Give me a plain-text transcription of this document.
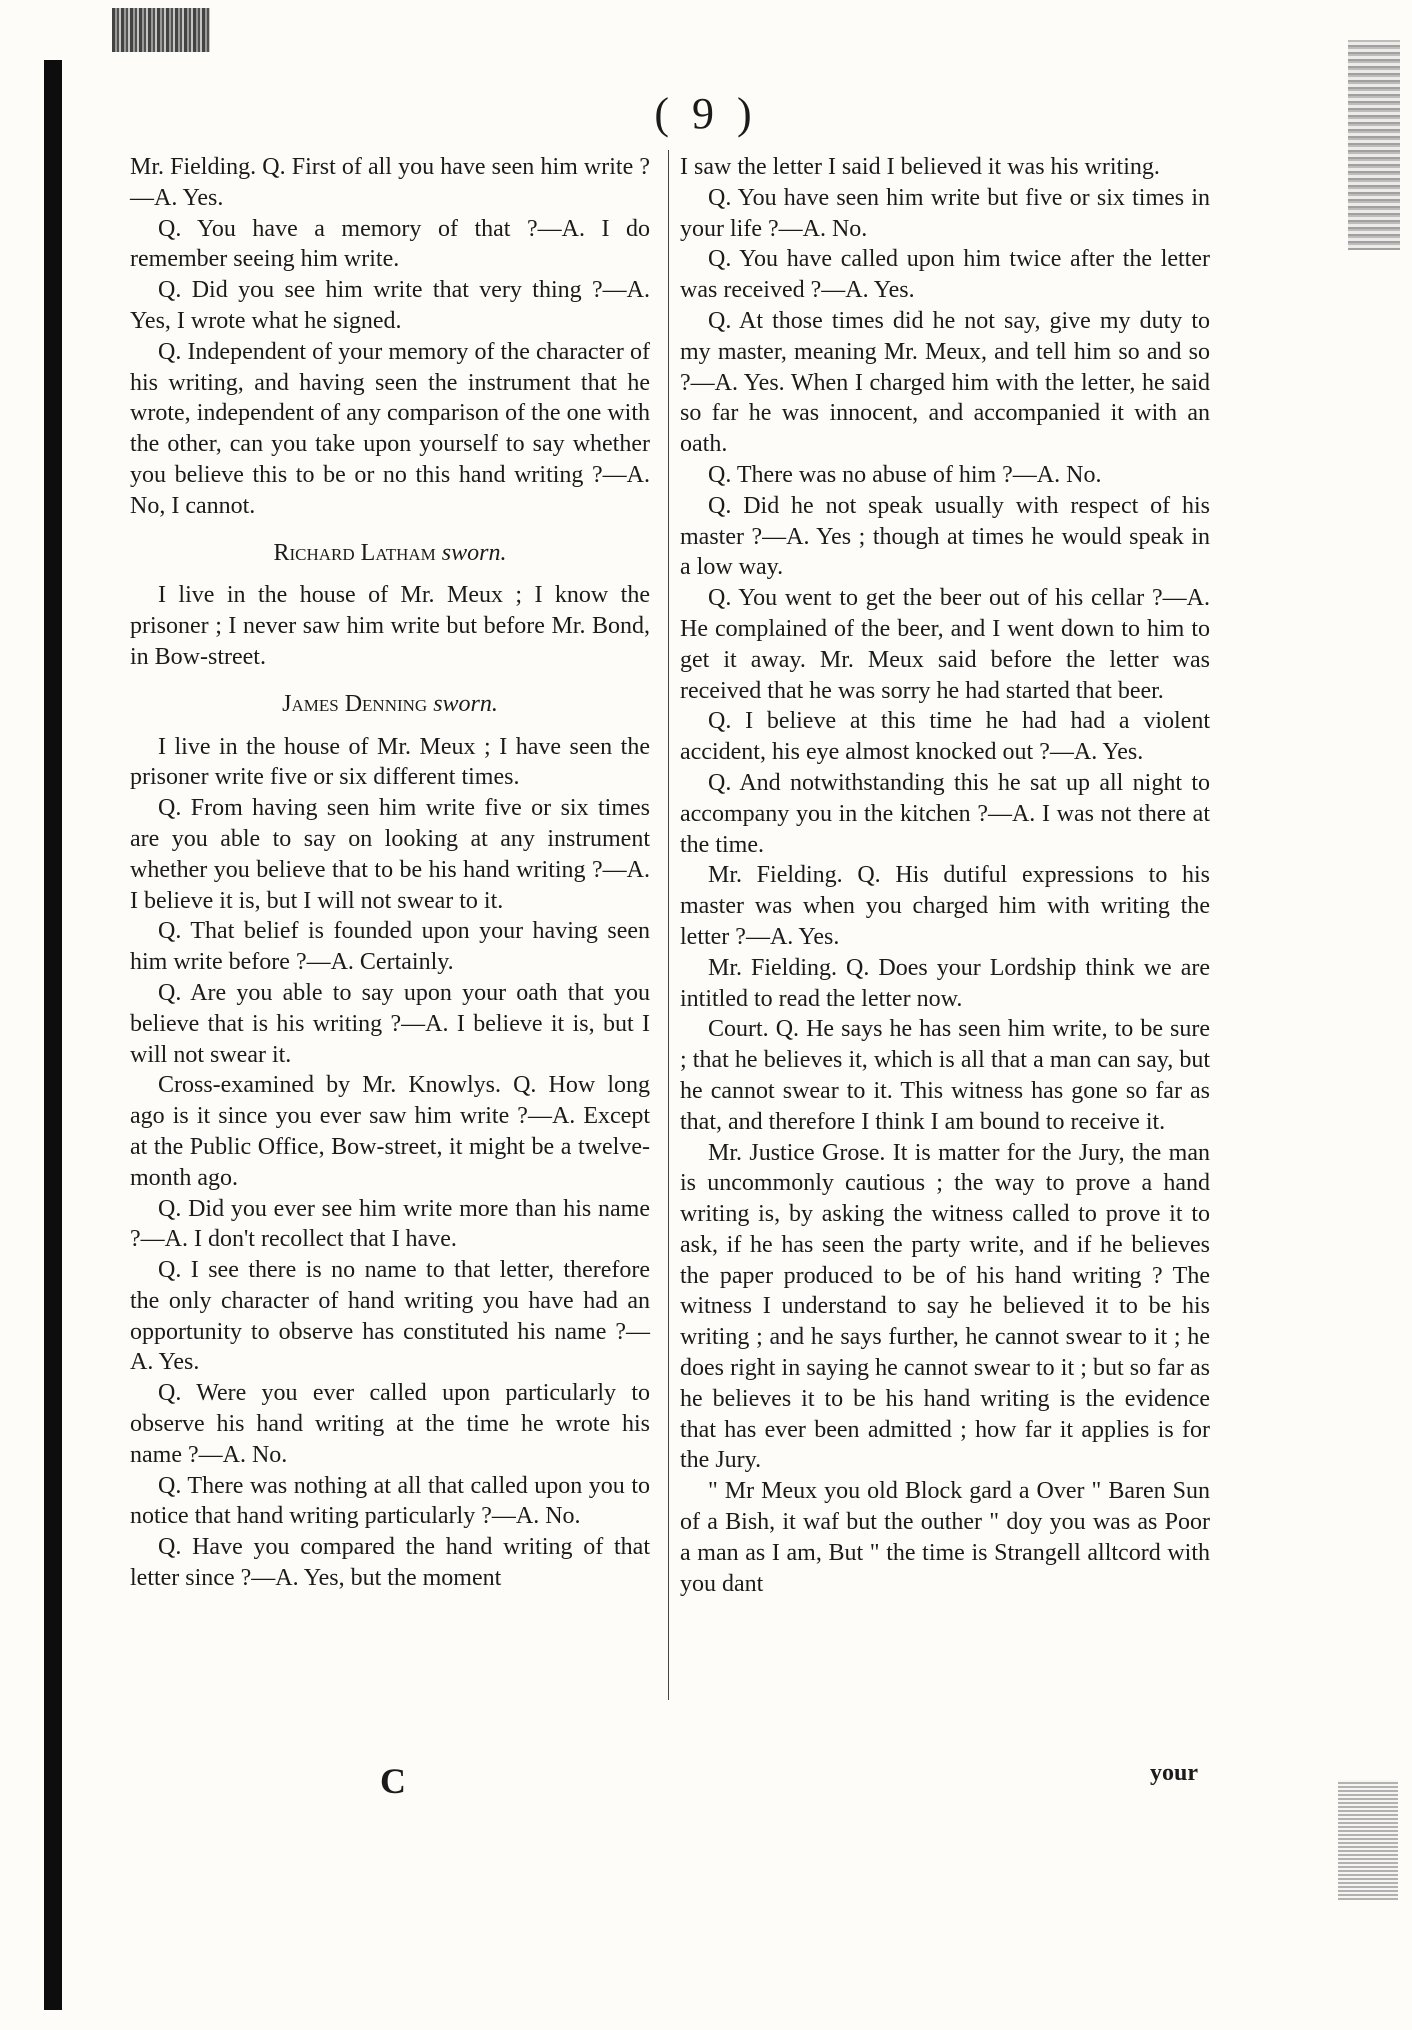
( 9 )

Mr. Fielding. Q. First of all you have seen him write ?—A. Yes.

Q. You have a memory of that ?—A. I do remember seeing him write.

Q. Did you see him write that very thing ?—A. Yes, I wrote what he signed.

Q. Independent of your memory of the character of his writing, and having seen the instrument that he wrote, independent of any comparison of the one with the other, can you take upon yourself to say whether you believe this to be or no this hand writing ?—A. No, I cannot.

Richard Latham sworn.

I live in the house of Mr. Meux ; I know the prisoner ; I never saw him write but before Mr. Bond, in Bow-street.

James Denning sworn.

I live in the house of Mr. Meux ; I have seen the prisoner write five or six different times.

Q. From having seen him write five or six times are you able to say on looking at any instrument whether you believe that to be his hand writing ?—A. I believe it is, but I will not swear to it.

Q. That belief is founded upon your having seen him write before ?—A. Certainly.

Q. Are you able to say upon your oath that you believe that is his writing ?—A. I believe it is, but I will not swear it.

Cross-examined by Mr. Knowlys. Q. How long ago is it since you ever saw him write ?—A. Except at the Public Office, Bow-street, it might be a twelve-month ago.

Q. Did you ever see him write more than his name ?—A. I don't recollect that I have.

Q. I see there is no name to that letter, therefore the only character of hand writing you have had an opportunity to observe has constituted his name ?—A. Yes.

Q. Were you ever called upon particularly to observe his hand writing at the time he wrote his name ?—A. No.

Q. There was nothing at all that called upon you to notice that hand writing particularly ?—A. No.

Q. Have you compared the hand writing of that letter since ?—A. Yes, but the moment

I saw the letter I said I believed it was his writing.

Q. You have seen him write but five or six times in your life ?—A. No.

Q. You have called upon him twice after the letter was received ?—A. Yes.

Q. At those times did he not say, give my duty to my master, meaning Mr. Meux, and tell him so and so ?—A. Yes. When I charged him with the letter, he said so far he was innocent, and accompanied it with an oath.

Q. There was no abuse of him ?—A. No.

Q. Did he not speak usually with respect of his master ?—A. Yes ; though at times he would speak in a low way.

Q. You went to get the beer out of his cellar ?—A. He complained of the beer, and I went down to him to get it away. Mr. Meux said before the letter was received that he was sorry he had started that beer.

Q. I believe at this time he had had a violent accident, his eye almost knocked out ?—A. Yes.

Q. And notwithstanding this he sat up all night to accompany you in the kitchen ?—A. I was not there at the time.

Mr. Fielding. Q. His dutiful expressions to his master was when you charged him with writing the letter ?—A. Yes.

Mr. Fielding. Q. Does your Lordship think we are intitled to read the letter now.

Court. Q. He says he has seen him write, to be sure ; that he believes it, which is all that a man can say, but he cannot swear to it. This witness has gone so far as that, and therefore I think I am bound to receive it.

Mr. Justice Grose. It is matter for the Jury, the man is uncommonly cautious ; the way to prove a hand writing is, by asking the witness called to prove it to ask, if he has seen the party write, and if he believes the paper produced to be of his hand writing ? The witness I understand to say he believed it to be his writing ; and he says further, he cannot swear to it ; he does right in saying he cannot swear to it ; but so far as he believes it to be his hand writing is the evidence that has ever been admitted ; how far it applies is for the Jury.

" Mr Meux you old Block gard a Over " Baren Sun of a Bish, it waf but the outher " doy you was as Poor a man as I am, But " the time is Strangell alltcord with you dant

C	your
